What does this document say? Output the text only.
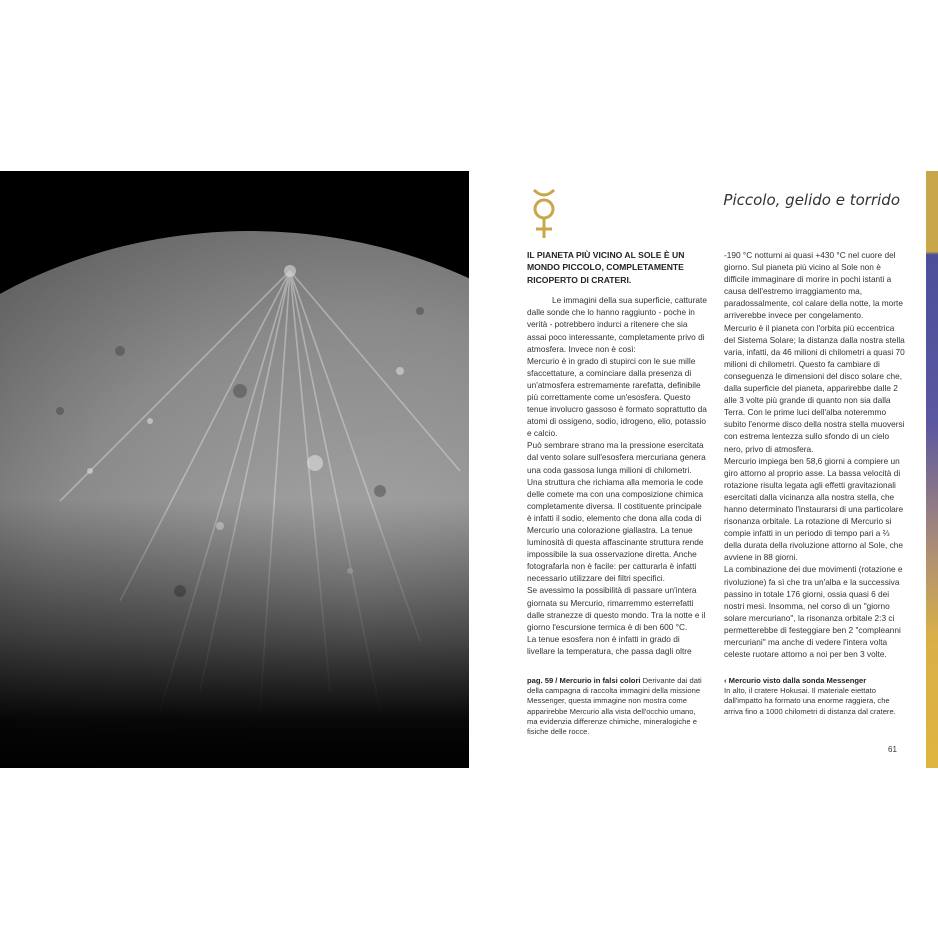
Piccolo, gelido e torrido

IL PIANETA PIÙ VICINO AL SOLE È UN MONDO PICCOLO, COMPLETAMENTE RICOPERTO DI CRATERI.

Le immagini della sua superficie, catturate dalle sonde che lo hanno raggiunto - poche in verità - potrebbero indurci a ritenere che sia assai poco interessante, completamente privo di atmosfera. Invece non è così:

Mercurio è in grado di stupirci con le sue mille sfaccettature, a cominciare dalla presenza di un'atmosfera estremamente rarefatta, definibile più correttamente come un'esosfera. Questo tenue involucro gassoso è formato soprattutto da atomi di ossigeno, sodio, idrogeno, elio, potassio e calcio.

Può sembrare strano ma la pressione esercitata dal vento solare sull'esosfera mercuriana genera una coda gassosa lunga milioni di chilometri. Una struttura che richiama alla memoria le code delle comete ma con una composizione chimica completamente diversa. Il costituente principale è infatti il sodio, elemento che dona alla coda di Mercurio una colorazione giallastra. La tenue luminosità di questa affascinante struttura rende impossibile la sua osservazione diretta. Anche fotografarla non è facile: per catturarla è infatti necessario utilizzare dei filtri specifici.

Se avessimo la possibilità di passare un'intera giornata su Mercurio, rimarremmo esterrefatti dalle stranezze di questo mondo. Tra la notte e il giorno l'escursione termica è di ben 600 °C.

La tenue esosfera non è infatti in grado di livellare la temperatura, che passa dagli oltre

-190 °C notturni ai quasi +430 °C nel cuore del giorno. Sul pianeta più vicino al Sole non è difficile immaginare di morire in pochi istanti a causa dell'estremo irraggiamento ma, paradossalmente, col calare della notte, la morte arriverebbe invece per congelamento.

Mercurio è il pianeta con l'orbita più eccentrica del Sistema Solare; la distanza dalla nostra stella varia, infatti, da 46 milioni di chilometri a quasi 70 milioni di chilometri. Questo fa cambiare di conseguenza le dimensioni del disco solare che, dalla superficie del pianeta, apparirebbe dalle 2 alle 3 volte più grande di quanto non sia dalla Terra. Con le prime luci dell'alba noteremmo subito l'enorme disco della nostra stella muoversi con estrema lentezza sullo sfondo di un cielo nero, privo di atmosfera.

Mercurio impiega ben 58,6 giorni a compiere un giro attorno al proprio asse. La bassa velocità di rotazione risulta legata agli effetti gravitazionali esercitati dalla vicinanza alla nostra stella, che hanno determinato l'instaurarsi di una particolare risonanza orbitale. La rotazione di Mercurio si compie infatti in un periodo di tempo pari a ⅔ della durata della rivoluzione attorno al Sole, che avviene in 88 giorni.

La combinazione dei due movimenti (rotazione e rivoluzione) fa sì che tra un'alba e la successiva passino in totale 176 giorni, ossia quasi 6 dei nostri mesi. Insomma, nel corso di un "giorno solare mercuriano", la risonanza orbitale 2:3 ci permetterebbe di festeggiare ben 2 "compleanni mercuriani" ma anche di vedere l'intera volta celeste ruotare attorno a noi per ben 3 volte.

pag. 59 / Mercurio in falsi colori Derivante dai dati della campagna di raccolta immagini della missione Messenger, questa immagine non mostra come apparirebbe Mercurio alla vista dell'occhio umano, ma evidenzia differenze chimiche, mineralogiche e fisiche delle rocce.
‹ Mercurio visto dalla sonda Messenger
In alto, il cratere Hokusai. Il materiale eiettato dall'impatto ha formato una enorme raggiera, che arriva fino a 1000 chilometri di distanza dal cratere.
61
